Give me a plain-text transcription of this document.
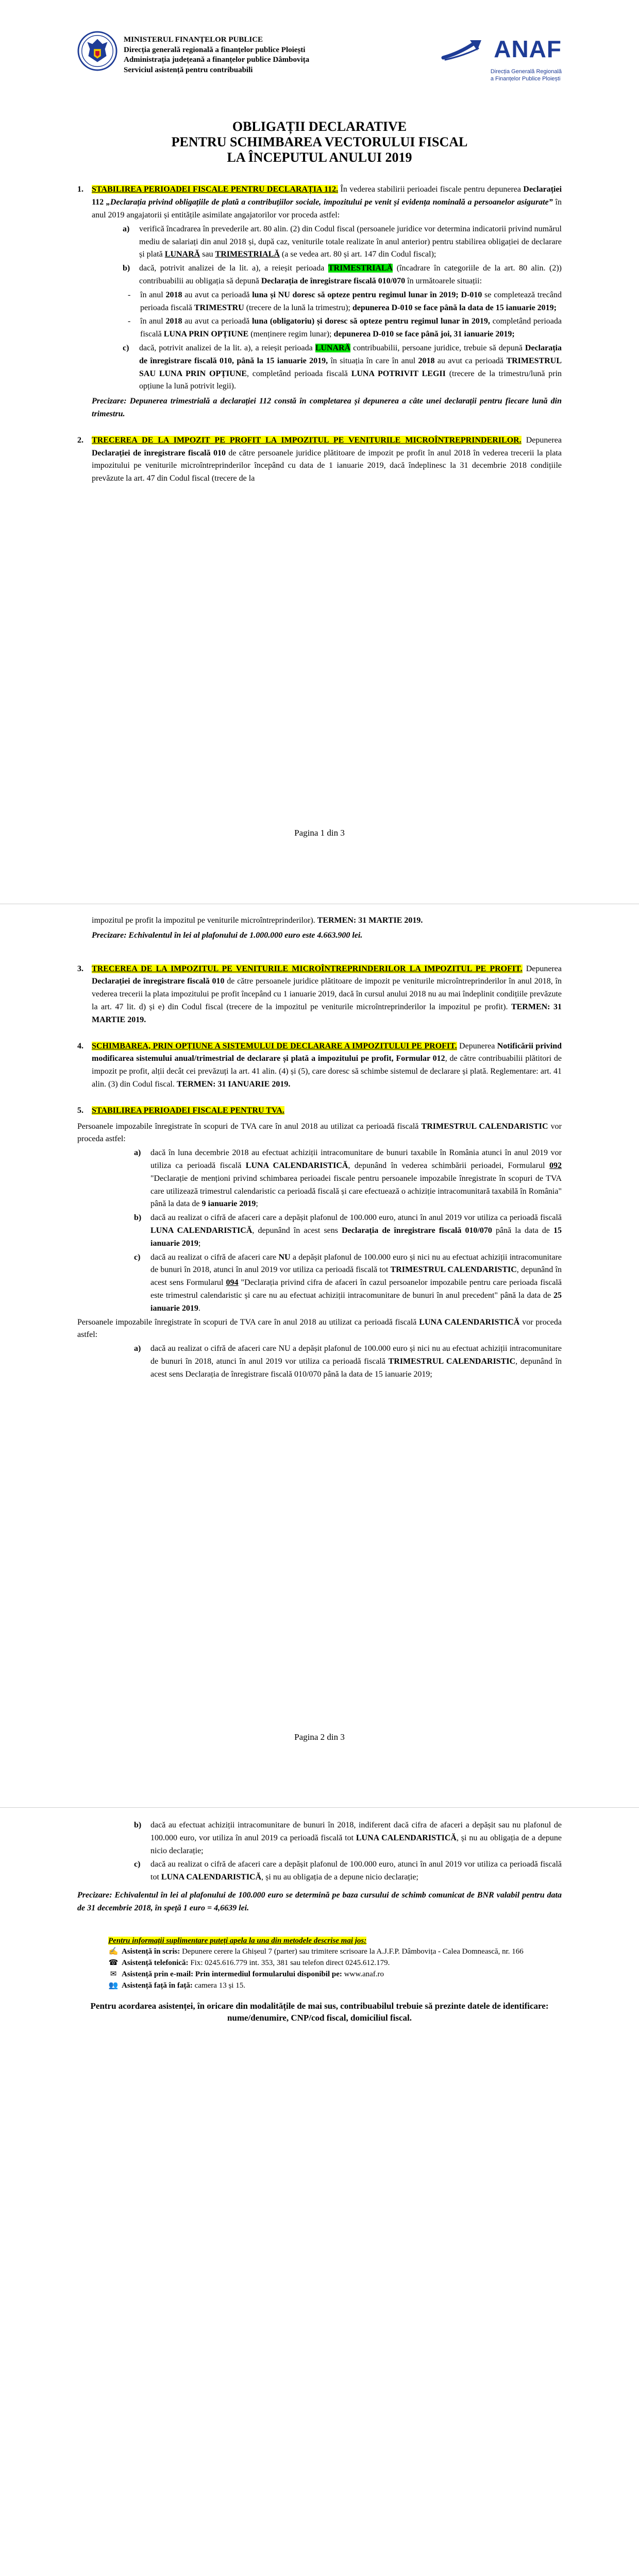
MINISTERUL FINANȚELOR PUBLICE
Direcția generală regională a finanțelor publice Ploiești
Administrația județeană a finanțelor publice Dâmbovița
Serviciul asistență pentru contribuabili
ANAF
Direcția Generală Regională
a Finanțelor Publice Ploiești
OBLIGAȚII DECLARATIVE
PENTRU SCHIMBAREA VECTORULUI FISCAL
LA ÎNCEPUTUL ANULUI 2019
1.	STABILIREA PERIOADEI FISCALE PENTRU DECLARAȚIA 112. În vederea stabilirii perioadei fiscale pentru depunerea Declarației 112 „Declarația privind obligațiile de plată a contribuțiilor sociale, impozitului pe venit și evidența nominală a persoanelor asigurate” în anul 2019 angajatorii și entitățile asimilate angajatorilor vor proceda astfel:
a)	verifică încadrarea în prevederile art. 80 alin. (2) din Codul fiscal (persoanele juridice vor determina indicatorii privind numărul mediu de salariați din anul 2018 și, după caz, veniturile totale realizate în anul anterior) pentru stabilirea obligației de declarare și plată LUNARĂ sau TRIMESTRIALĂ (a se vedea art. 80 și art. 147 din Codul fiscal);
b)	dacă, potrivit analizei de la lit. a), a reieșit perioada TRIMESTRIALĂ (încadrare în categoriile de la art. 80 alin. (2)) contribuabilii au obligația să depună Declarația de înregistrare fiscală 010/070 în următoarele situații:
-	în anul 2018 au avut ca perioadă luna și NU doresc să opteze pentru regimul lunar în 2019; D-010 se completează trecând perioada fiscală TRIMESTRU (trecere de la lună la trimestru); depunerea D-010 se face până la data de 15 ianuarie 2019;
-	în anul 2018 au avut ca perioadă luna (obligatoriu) și doresc să opteze pentru regimul lunar în 2019, completând perioada fiscală LUNA PRIN OPȚIUNE (menținere regim lunar); depunerea D-010 se face până joi, 31 ianuarie 2019;
c)	dacă, potrivit analizei de la lit. a), a reieșit perioada LUNARĂ contribuabilii, persoane juridice, trebuie să depună Declarația de înregistrare fiscală 010, până la 15 ianuarie 2019, în situația în care în anul 2018 au avut ca perioadă TRIMESTRUL SAU LUNA PRIN OPȚIUNE, completând perioada fiscală LUNA POTRIVIT LEGII (trecere de la trimestru/lună prin opțiune la lună potrivit legii).
Precizare: Depunerea trimestrială a declarației 112 constă în completarea și depunerea a câte unei declarații pentru fiecare lună din trimestru.
2.	TRECEREA DE LA IMPOZIT PE PROFIT LA IMPOZITUL PE VENITURILE MICROÎNTREPRINDERILOR. Depunerea Declarației de înregistrare fiscală 010 de către persoanele juridice plătitoare de impozit pe profit în anul 2018 în vederea trecerii la plata impozitului pe veniturile microîntreprinderilor începând cu data de 1 ianuarie 2019, dacă îndeplinesc la 31 decembrie 2018 condițiile prevăzute la art. 47 din Codul fiscal (trecere de la
Pagina 1 din 3
impozitul pe profit la impozitul pe veniturile microîntreprinderilor). TERMEN: 31 MARTIE 2019.
Precizare: Echivalentul în lei al plafonului de 1.000.000 euro este 4.663.900 lei.
3.	TRECEREA DE LA IMPOZITUL PE VENITURILE MICROÎNTREPRINDERILOR LA IMPOZITUL PE PROFIT. Depunerea Declarației de înregistrare fiscală 010 de către persoanele juridice plătitoare de impozit pe veniturile microîntreprinderilor în anul 2018, în vederea trecerii la plata impozitului pe profit începând cu 1 ianuarie 2019, dacă în cursul anului 2018 nu au mai îndeplinit condițiile prevăzute la art. 47 lit. d) și e) din Codul fiscal (trecere de la impozitul pe veniturile microîntreprinderilor la impozitul pe profit). TERMEN: 31 MARTIE 2019.
4.	SCHIMBAREA, PRIN OPȚIUNE A SISTEMULUI DE DECLARARE A IMPOZITULUI PE PROFIT. Depunerea Notificării privind modificarea sistemului anual/trimestrial de declarare și plată a impozitului pe profit, Formular 012, de către contribuabilii plătitori de impozit pe profit, alții decât cei prevăzuți la art. 41 alin. (4) și (5), care doresc să schimbe sistemul de declarare și plată. Reglementare: art. 41 alin. (3) din Codul fiscal. TERMEN: 31 IANUARIE 2019.
5.	STABILIREA PERIOADEI FISCALE PENTRU TVA.
Persoanele impozabile înregistrate în scopuri de TVA care în anul 2018 au utilizat ca perioadă fiscală TRIMESTRUL CALENDARISTIC vor proceda astfel:
a)	dacă în luna decembrie 2018 au efectuat achiziții intracomunitare de bunuri taxabile în România atunci în anul 2019 vor utiliza ca perioadă fiscală LUNA CALENDARISTICĂ, depunând în vederea schimbării perioadei, Formularul 092 "Declarație de menționi privind schimbarea perioadei fiscale pentru persoanele impozabile înregistrate în scopuri de TVA care utilizează trimestrul calendaristic ca perioadă fiscală și care efectuează o achiziție intracomunitară taxabilă în România" până la data de 9 ianuarie 2019;
b)	dacă au realizat o cifră de afaceri care a depășit plafonul de 100.000 euro, atunci în anul 2019 vor utiliza ca perioadă fiscală LUNA CALENDARISTICĂ, depunând în acest sens Declarația de înregistrare fiscală 010/070 până la data de 15 ianuarie 2019;
c)	dacă au realizat o cifră de afaceri care NU a depășit plafonul de 100.000 euro și nici nu au efectuat achiziții intracomunitare de bunuri în 2018, atunci în anul 2019 vor utiliza ca perioadă fiscală tot TRIMESTRUL CALENDARISTIC, depunând în acest sens Formularul 094 "Declarația privind cifra de afaceri în cazul persoanelor impozabile pentru care perioada fiscală este trimestrul calendaristic și care nu au efectuat achiziții intracomunitare de bunuri în anul precedent" până la data de 25 ianuarie 2019.
Persoanele impozabile înregistrate în scopuri de TVA care în anul 2018 au utilizat ca perioadă fiscală LUNA CALENDARISTICĂ vor proceda astfel:
a)	dacă au realizat o cifră de afaceri care NU a depășit plafonul de 100.000 euro și nici nu au efectuat achiziții intracomunitare de bunuri în 2018, atunci în anul 2019 vor utiliza ca perioadă fiscală TRIMESTRUL CALENDARISTIC, depunând în acest sens Declarația de înregistrare fiscală 010/070 până la data de 15 ianuarie 2019;
Pagina 2 din 3
b)	dacă au efectuat achiziții intracomunitare de bunuri în 2018, indiferent dacă cifra de afaceri a depășit sau nu plafonul de 100.000 euro, vor utiliza în anul 2019 ca perioadă fiscală tot LUNA CALENDARISTICĂ, și nu au obligația de a depune nicio declarație;
c)	dacă au realizat o cifră de afaceri care a depășit plafonul de 100.000 euro, atunci în anul 2019 vor utiliza ca perioadă fiscală tot LUNA CALENDARISTICĂ, și nu au obligația de a depune nicio declarație;
Precizare: Echivalentul în lei al plafonului de 100.000 euro se determină pe baza cursului de schimb comunicat de BNR valabil pentru data de 31 decembrie 2018, în speță 1 euro = 4,6639 lei.
Pentru informații suplimentare puteți apela la una din metodele descrise mai jos:
✍ Asistență în scris: Depunere cerere la Ghișeul 7 (parter) sau trimitere scrisoare la A.J.F.P. Dâmbovița - Calea Domnească, nr. 166
☎ Asistență telefonică: Fix: 0245.616.779 int. 353, 381 sau telefon direct 0245.612.179.
✉ Asistență prin e-mail: Prin intermediul formularului disponibil pe: www.anaf.ro
👥 Asistență față în față: camera 13 și 15.
Pentru acordarea asistenței, în oricare din modalitățile de mai sus, contribuabilul trebuie să prezinte datele de identificare: nume/denumire, CNP/cod fiscal, domiciliul fiscal.
